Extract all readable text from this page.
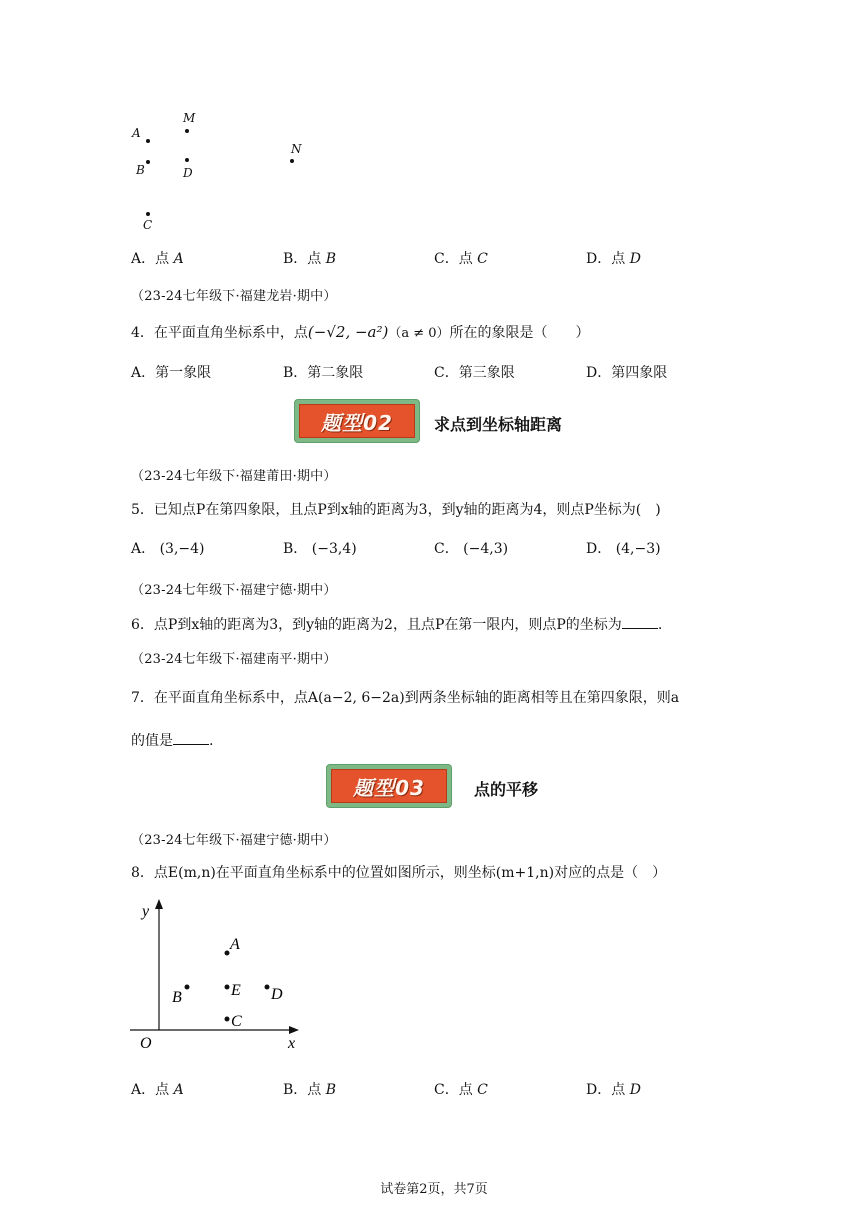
A
M
B	D
N
C
A．点 A	B．点 B	C．点 C	D．点 D
（23-24七年级下·福建龙岩·期中）
4．在平面直角坐标系中，点(−√2, −a²)（a ≠ 0）所在的象限是（　　）
A．第一象限	B．第二象限	C．第三象限	D．第四象限
题型02	求点到坐标轴距离
（23-24七年级下·福建莆田·期中）
5．已知点P在第四象限，且点P到x轴的距离为3，到y轴的距离为4，则点P坐标为(　)
A． (3,−4)	B． (−3,4)	C． (−4,3)	D． (4,−3)
（23-24七年级下·福建宁德·期中）
6．点P到x轴的距离为3，到y轴的距离为2，且点P在第一限内，则点P的坐标为	.
（23-24七年级下·福建南平·期中）
7．在平面直角坐标系中，点A(a−2, 6−2a)到两条坐标轴的距离相等且在第四象限，则a
的值是	.
题型03	点的平移
（23-24七年级下·福建宁德·期中）
8．点E(m,n)在平面直角坐标系中的位置如图所示，则坐标(m+1,n)对应的点是（　）
y
x
O
A
B	E D
C
A．点 A	B．点 B	C．点 C	D．点 D
试卷第2页，共7页
